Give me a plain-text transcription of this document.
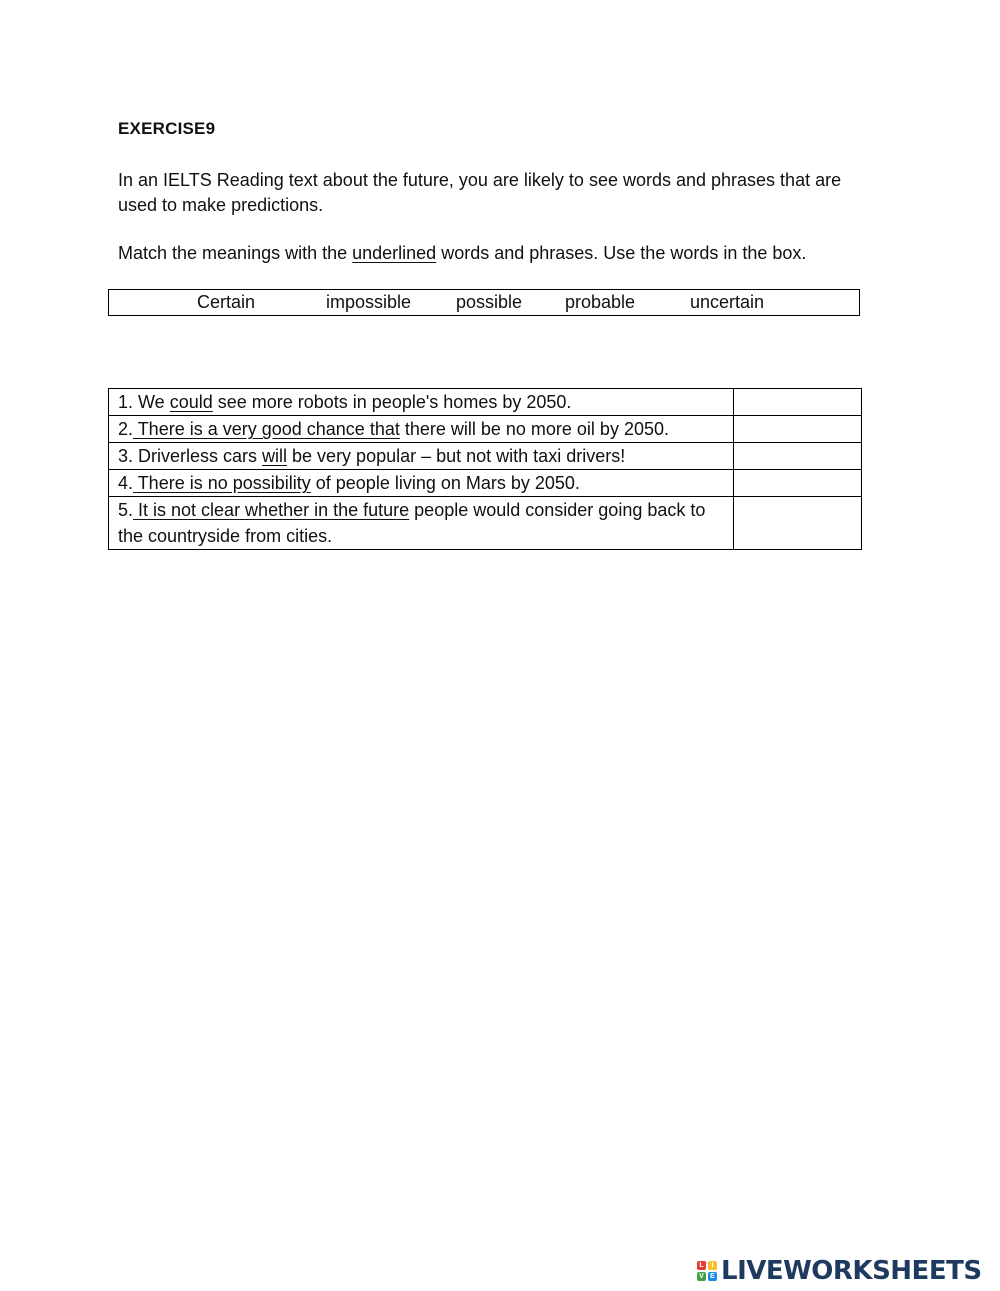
EXERCISE9
In an IELTS Reading text about the future, you are likely to see words and phrases that are used to make predictions.
Match the meanings with the underlined words and phrases. Use the words in the box.
Certain	impossible possible probable	uncertain
1. We could see more robots in people's homes by 2050.	
2. There is a very good chance that there will be no more oil by 2050.	
3. Driverless cars will be very popular – but not with taxi drivers!	
4. There is no possibility of people living on Mars by 2050.	
5. It is not clear whether in the future people would consider going back to the countryside from cities.	
L	I
V E LIVEWORKSHEETS
